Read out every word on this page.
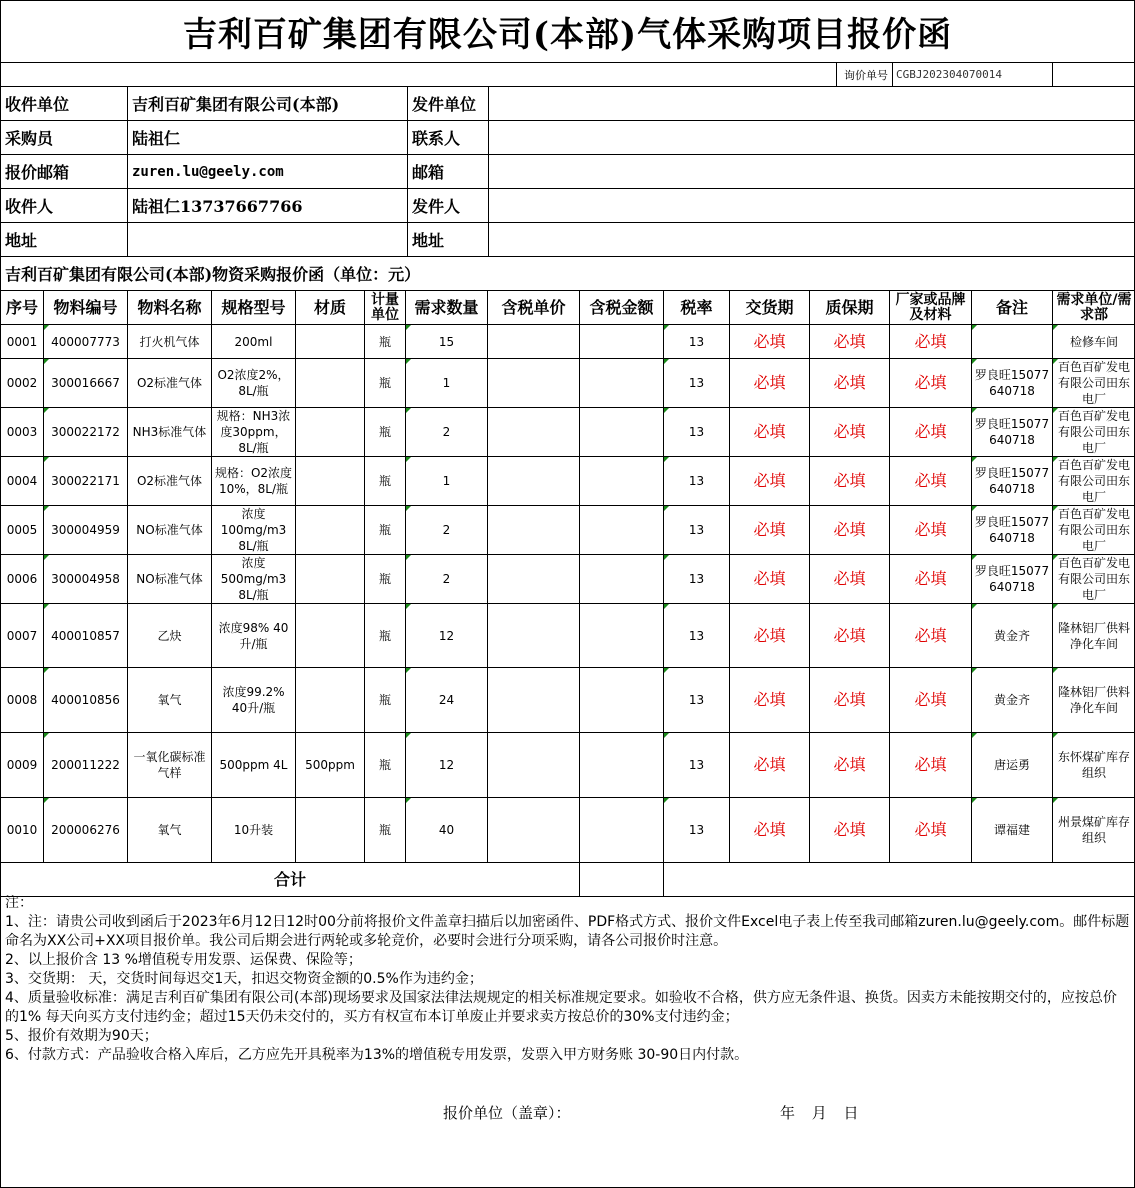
吉利百矿集团有限公司(本部)气体采购项目报价函
	询价单号	CGBJ202304070014	
收件单位	吉利百矿集团有限公司(本部)	发件单位	
采购员	陆祖仁	联系人	
报价邮箱	zuren.lu@geely.com	邮箱	
收件人	陆祖仁13737667766	发件人	
地址		地址	
吉利百矿集团有限公司(本部)物资采购报价函（单位：元）
序号	物料编号	物料名称	规格型号	材质	计量单位	需求数量	含税单价	含税金额	税率	交货期	质保期	厂家或品牌及材料	备注	需求单位/需求部
0001	400007773	打火机气体	200ml		瓶	15			13	必填	必填	必填		检修车间
0002	300016667	O2标准气体	O2浓度2%，8L/瓶		瓶	1			13	必填	必填	必填	罗良旺15077640718	百色百矿发电有限公司田东电厂
0003	300022172	NH3标准气体	规格：NH3浓度30ppm，8L/瓶		瓶	2			13	必填	必填	必填	罗良旺15077640718	百色百矿发电有限公司田东电厂
0004	300022171	O2标准气体	规格：O2浓度10%，8L/瓶		瓶	1			13	必填	必填	必填	罗良旺15077640718	百色百矿发电有限公司田东电厂
0005	300004959	NO标准气体	浓度100mg/m3 8L/瓶		瓶	2			13	必填	必填	必填	罗良旺15077640718	百色百矿发电有限公司田东电厂
0006	300004958	NO标准气体	浓度500mg/m3 8L/瓶		瓶	2			13	必填	必填	必填	罗良旺15077640718	百色百矿发电有限公司田东电厂
0007	400010857	乙炔	浓度98% 40升/瓶		瓶	12			13	必填	必填	必填	黄金齐	隆林铝厂供料净化车间
0008	400010856	氧气	浓度99.2% 40升/瓶		瓶	24			13	必填	必填	必填	黄金齐	隆林铝厂供料净化车间
0009	200011222	一氧化碳标准气样	500ppm 4L	500ppm	瓶	12			13	必填	必填	必填	唐运勇	东怀煤矿库存组织
0010	200006276	氧气	10升装		瓶	40			13	必填	必填	必填	谭福建	州景煤矿库存组织
合计														

注：

1、注：请贵公司收到函后于2023年6月12日12时00分前将报价文件盖章扫描后以加密函件、PDF格式方式、报价文件Excel电子表上传至我司邮箱zuren.lu@geely.com。邮件标题命名为XX公司+XX项目报价单。我公司后期会进行两轮或多轮竞价，必要时会进行分项采购，请各公司报价时注意。

2、以上报价含 13 %增值税专用发票、运保费、保险等；

3、交货期： 天，交货时间每迟交1天，扣迟交物资金额的0.5%作为违约金；

4、质量验收标准：满足吉利百矿集团有限公司(本部)现场要求及国家法律法规规定的相关标准规定要求。如验收不合格，供方应无条件退、换货。因卖方未能按期交付的，应按总价的1% 每天向买方支付违约金；超过15天仍未交付的，买方有权宣布本订单废止并要求卖方按总价的30%支付违约金；

5、报价有效期为90天；

6、付款方式：产品验收合格入库后，乙方应先开具税率为13%的增值税专用发票，发票入甲方财务账 30-90日内付款。

报价单位（盖章）：	年 月 日
